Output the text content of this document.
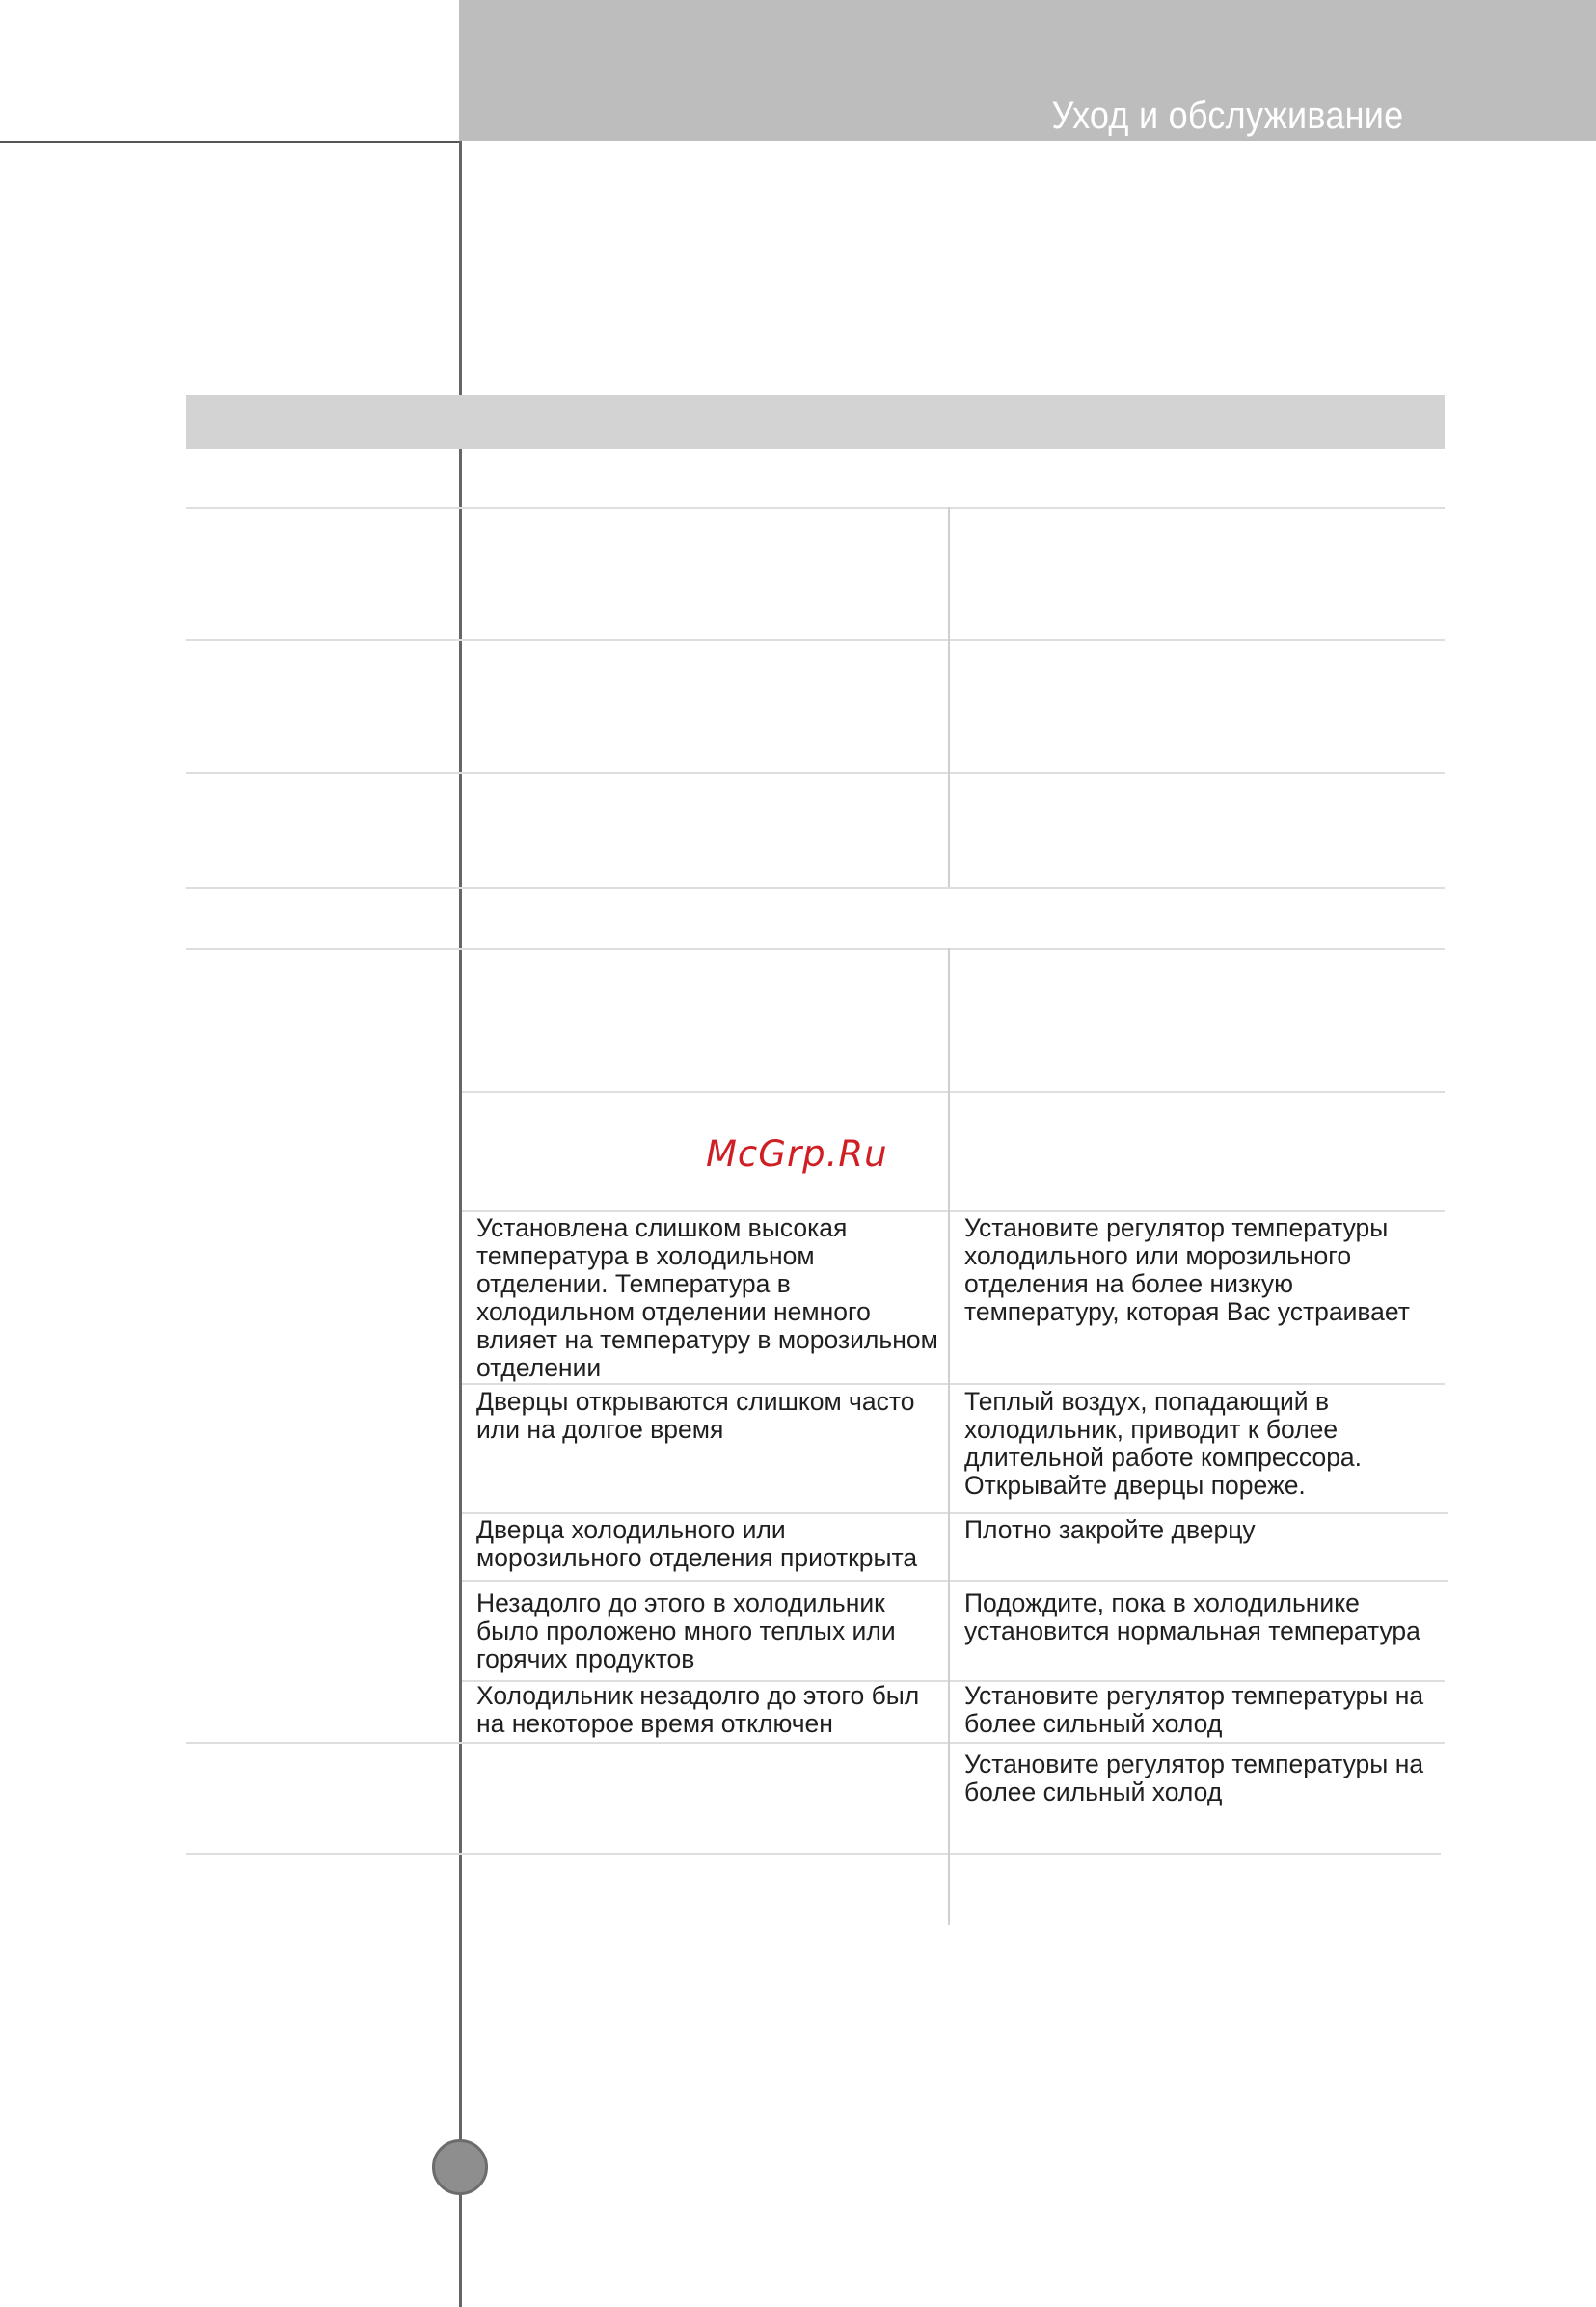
Уход и обслуживание
McGrp.Ru
Установлена слишком высокая температура в холодильном отделении. Температура в холодильном отделении немного влияет на температуру в морозильном отделении
Дверцы открываются слишком часто или на долгое время
Дверца холодильного или морозильного отделения приоткрыта
Незадолго до этого в холодильник было проложено много теплых или горячих продуктов
Холодильник незадолго до этого был на некоторое время отключен
Установите регулятор температуры холодильного или морозильного отделения на более низкую температуру, которая Вас устраивает
Теплый воздух, попадающий в холодильник, приводит к более длительной работе компрессора. Открывайте дверцы пореже.
Плотно закройте дверцу
Подождите, пока в холодильнике установится нормальная температура
Установите регулятор температуры на более сильный холод
Установите регулятор температуры на более сильный холод
